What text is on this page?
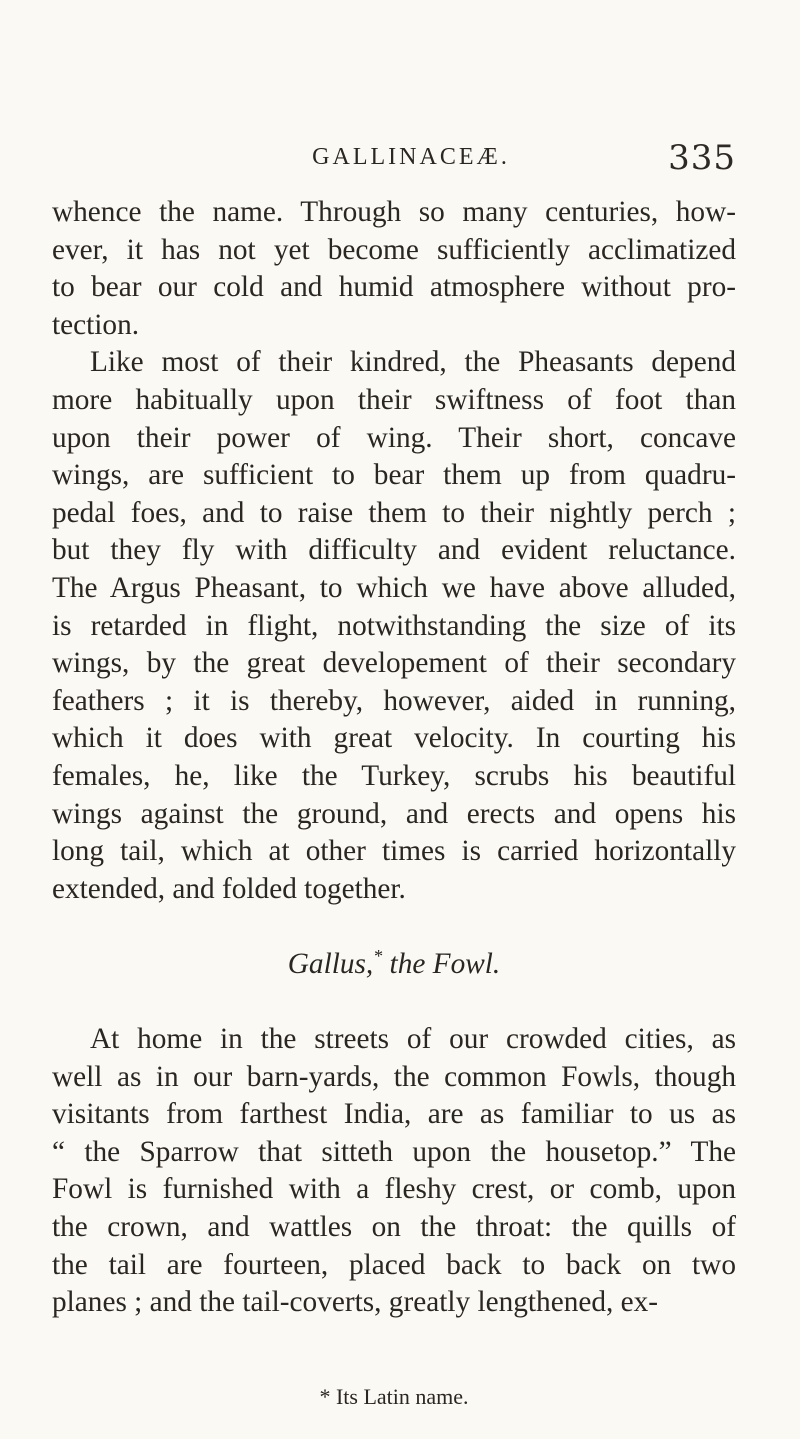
GALLINACEÆ.	335
whence the name. Through so many centuries, how-
ever, it has not yet become sufficiently acclimatized
to bear our cold and humid atmosphere without pro-
tection.
Like most of their kindred, the Pheasants depend
more habitually upon their swiftness of foot than
upon their power of wing. Their short, concave
wings, are sufficient to bear them up from quadru-
pedal foes, and to raise them to their nightly perch ;
but they fly with difficulty and evident reluctance.
The Argus Pheasant, to which we have above alluded,
is retarded in flight, notwithstanding the size of its
wings, by the great developement of their secondary
feathers ; it is thereby, however, aided in running,
which it does with great velocity. In courting his
females, he, like the Turkey, scrubs his beautiful
wings against the ground, and erects and opens his
long tail, which at other times is carried horizontally
extended, and folded together.
Gallus,* the Fowl.
At home in the streets of our crowded cities, as
well as in our barn-yards, the common Fowls, though
visitants from farthest India, are as familiar to us as
“ the Sparrow that sitteth upon the housetop.” The
Fowl is furnished with a fleshy crest, or comb, upon
the crown, and wattles on the throat: the quills of
the tail are fourteen, placed back to back on two
planes ; and the tail-coverts, greatly lengthened, ex-
* Its Latin name.
